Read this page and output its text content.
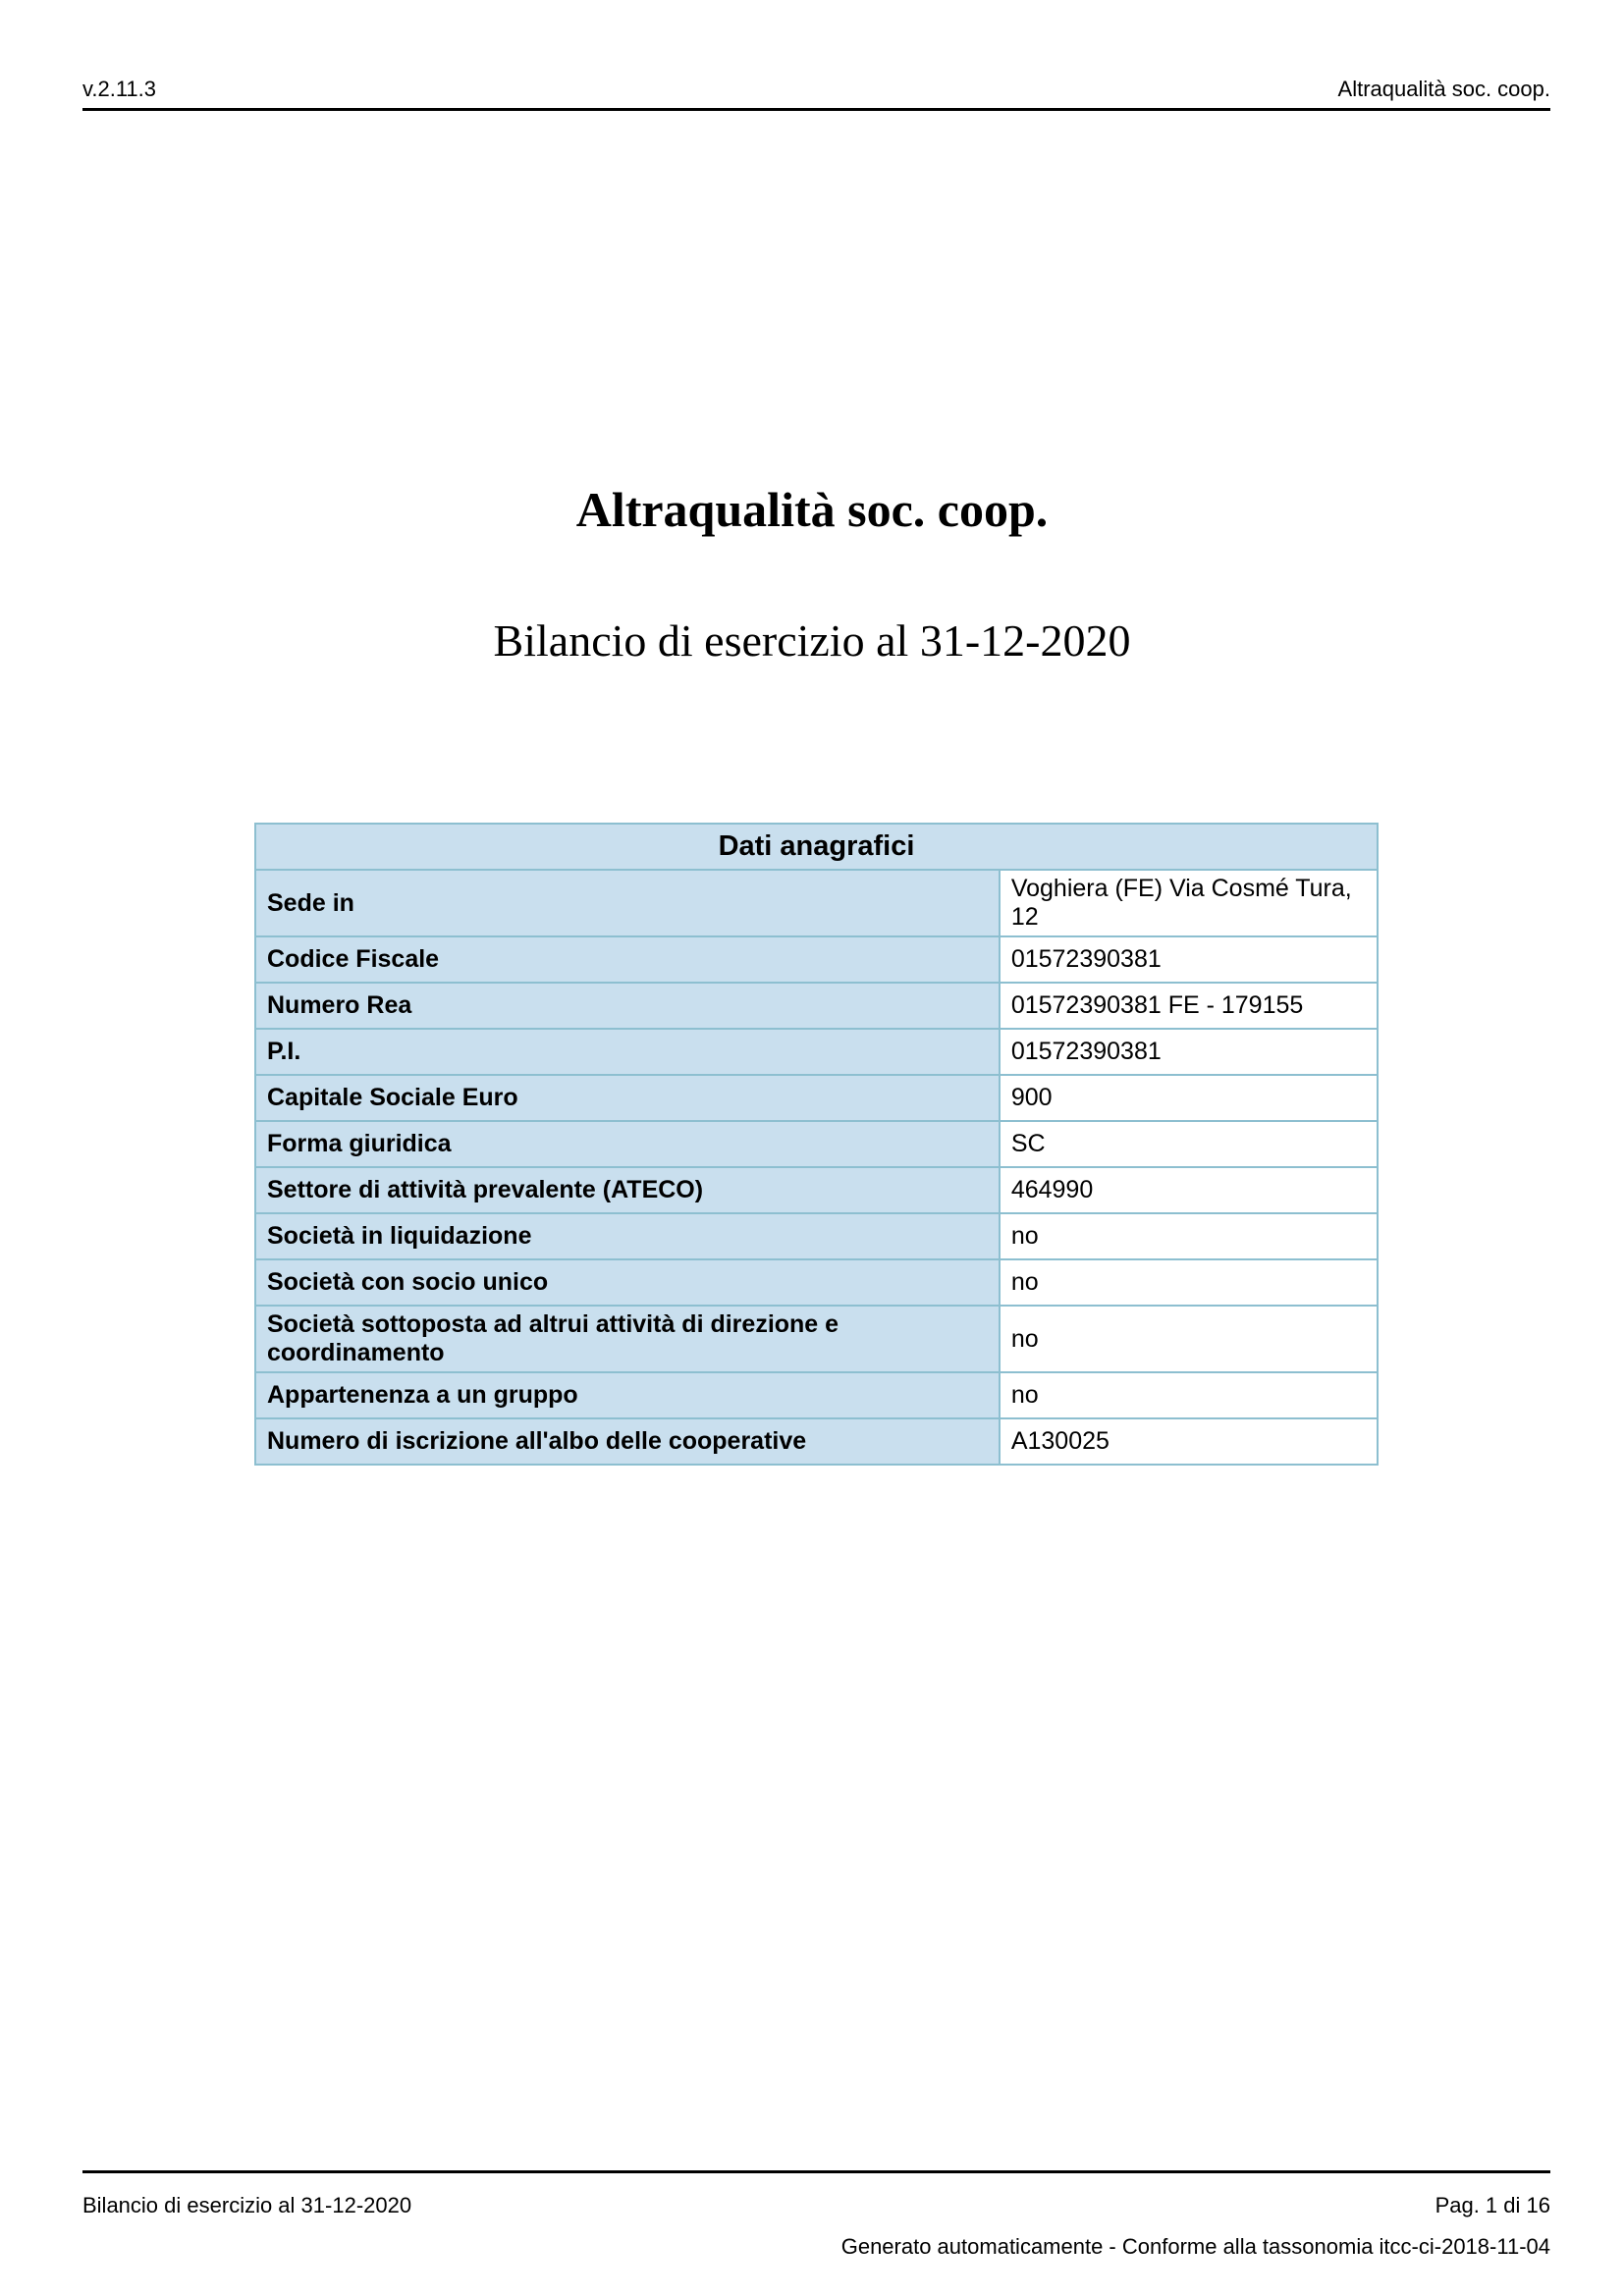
v.2.11.3	Altraqualità soc. coop.
Altraqualità soc. coop.
Bilancio di esercizio al 31-12-2020
Dati anagrafici	
Sede in	Voghiera (FE) Via Cosmé Tura, 12
Codice Fiscale	01572390381
Numero Rea	01572390381 FE - 179155
P.I.	01572390381
Capitale Sociale Euro	900
Forma giuridica	SC
Settore di attività prevalente (ATECO)	464990
Società in liquidazione	no
Società con socio unico	no
Società sottoposta ad altrui attività di direzione e coordinamento	no
Appartenenza a un gruppo	no
Numero di iscrizione all'albo delle cooperative	A130025
Bilancio di esercizio al 31-12-2020	Pag. 1 di 16
Generato automaticamente - Conforme alla tassonomia itcc-ci-2018-11-04
